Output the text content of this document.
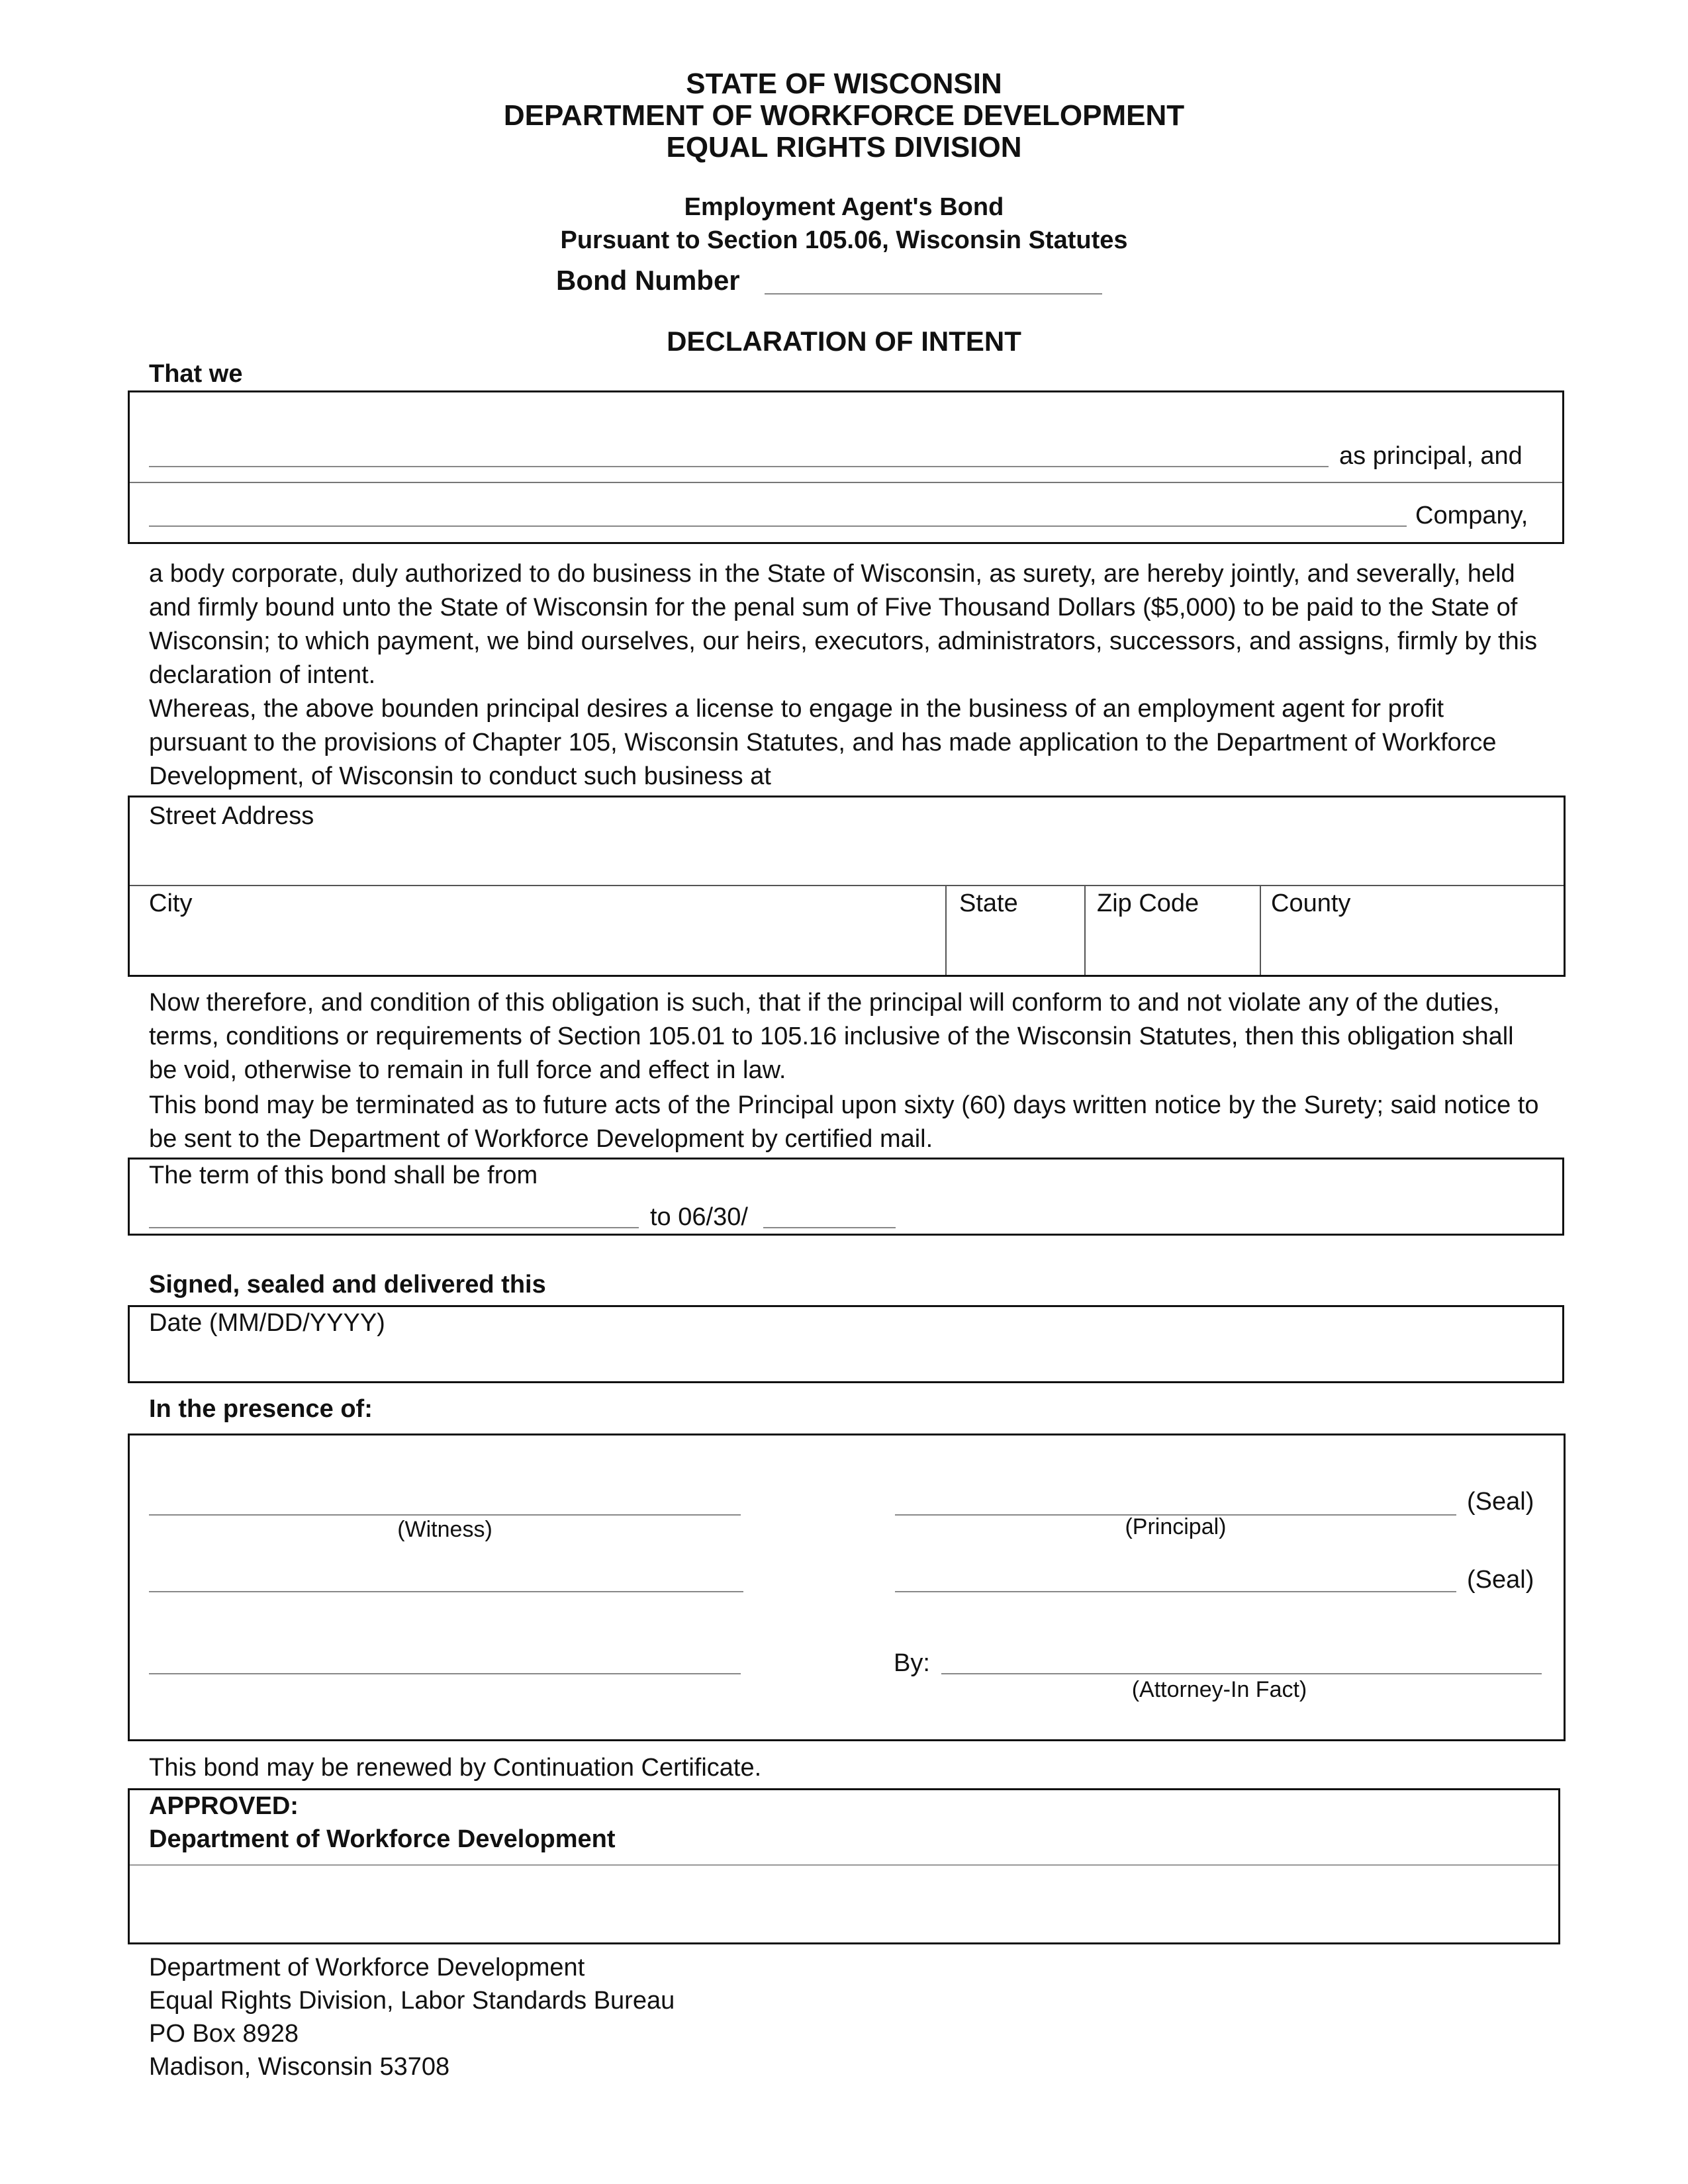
STATE OF WISCONSIN
DEPARTMENT OF WORKFORCE DEVELOPMENT
EQUAL RIGHTS DIVISION
Employment Agent's Bond
Pursuant to Section 105.06, Wisconsin Statutes
Bond Number
DECLARATION OF INTENT
That we
as principal, and
Company,
a body corporate, duly authorized to do business in the State of Wisconsin, as surety, are hereby jointly, and severally, held and firmly bound unto the State of Wisconsin for the penal sum of Five Thousand Dollars ($5,000) to be paid to the State of Wisconsin; to which payment, we bind ourselves, our heirs, executors, administrators, successors, and assigns, firmly by this declaration of intent.
Whereas, the above bounden principal desires a license to engage in the business of an employment agent for profit pursuant to the provisions of Chapter 105, Wisconsin Statutes, and has made application to the Department of Workforce Development, of Wisconsin to conduct such business at
Street Address
City	State	Zip Code	County
Now therefore, and condition of this obligation is such, that if the principal will conform to and not violate any of the duties, terms, conditions or requirements of Section 105.01 to 105.16 inclusive of the Wisconsin Statutes, then this obligation shall be void, otherwise to remain in full force and effect in law.
This bond may be terminated as to future acts of the Principal upon sixty (60) days written notice by the Surety; said notice to be sent to the Department of Workforce Development by certified mail.
The term of this bond shall be from
to 06/30/
Signed, sealed and delivered this
Date (MM/DD/YYYY)
In the presence of:
(Witness)	(Principal)
(Seal)
(Seal)
By:
(Attorney-In Fact)
This bond may be renewed by Continuation Certificate.
APPROVED:
Department of Workforce Development
Department of Workforce Development
Equal Rights Division, Labor Standards Bureau
PO Box 8928
Madison, Wisconsin 53708
